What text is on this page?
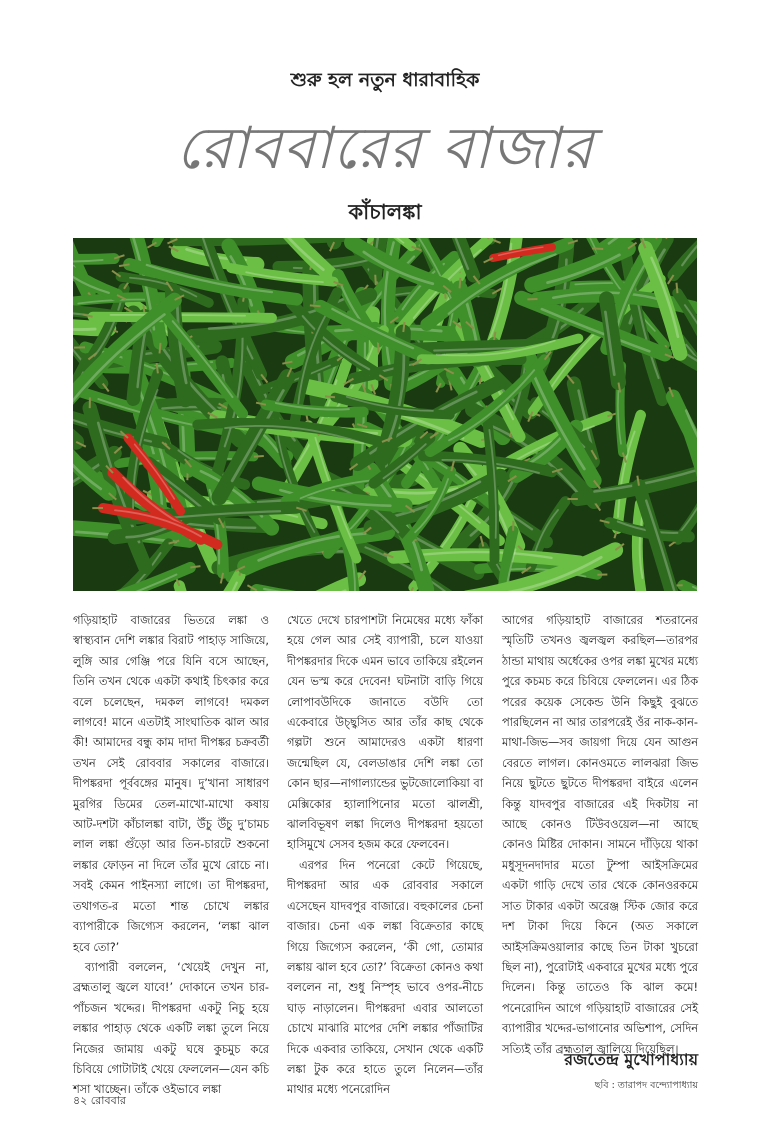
শুরু হল নতুন ধারাবাহিক
রোববারের বাজার
কাঁচালঙ্কা

গড়িয়াহাট বাজারের ভিতরে লঙ্কা ও স্বাস্থ্যবান দেশি লঙ্কার বিরাট পাহাড় সাজিয়ে, লুঙ্গি আর গেঞ্জি পরে যিনি বসে আছেন, তিনি তখন থেকে একটা কথাই চিৎকার করে বলে চলেছেন, দমকল লাগবে! দমকল লাগবে! মানে এতটাই সাংঘাতিক ঝাল আর কী! আমাদের বন্ধু কাম দাদা দীপঙ্কর চক্রবর্তী তখন সেই রোববার সকালের বাজারে। দীপঙ্করদা পূর্ববঙ্গের মানুষ। দু’খানা সাধারণ মুরগির ডিমের তেল-মাখো-মাখো কষায় আট-দশটা কাঁচালঙ্কা বাটা, উঁচু উঁচু দু’চামচ লাল লঙ্কা গুঁড়ো আর তিন-চারটে শুকনো লঙ্কার ফোড়ন না দিলে তাঁর মুখে রোচে না। সবই কেমন পাইনস্যা লাগে। তা দীপঙ্করদা, তথাগত-র মতো শান্ত চোখে লঙ্কার ব্যাপারীকে জিগ্যেস করলেন, ‘লঙ্কা ঝাল হবে তো?’

ব্যাপারী বললেন, ‘খেয়েই দেখুন না, ব্রহ্মতালু জ্বলে যাবে!’ দোকানে তখন চার-পাঁচজন খদ্দের। দীপঙ্করদা একটু নিচু হয়ে লঙ্কার পাহাড় থেকে একটি লঙ্কা তুলে নিয়ে নিজের জামায় একটু ঘষে কুচমুচ করে চিবিয়ে গোটাটাই খেয়ে ফেললেন—যেন কচি শসা খাচ্ছেন। তাঁকে ওইভাবে লঙ্কা

খেতে দেখে চারপাশটা নিমেষের মধ্যে ফাঁকা হয়ে গেল আর সেই ব্যাপারী, চলে যাওয়া দীপঙ্করদার দিকে এমন ভাবে তাকিয়ে রইলেন যেন ভস্ম করে দেবেন! ঘটনাটা বাড়ি গিয়ে লোপাবউদিকে জানাতে বউদি তো একেবারে উচ্ছ্বসিত আর তাঁর কাছ থেকে গল্পটা শুনে আমাদেরও একটা ধারণা জন্মেছিল যে, বেলডাঙার দেশি লঙ্কা তো কোন ছার—নাগাল্যান্ডের ভুটজোলোকিয়া বা মেক্সিকোর হ্যালাপিনোর মতো ঝালশ্রী, ঝালবিভূষণ লঙ্কা দিলেও দীপঙ্করদা হয়তো হাসিমুখে সেসব হজম করে ফেলবেন।

এরপর দিন পনেরো কেটে গিয়েছে, দীপঙ্করদা আর এক রোববার সকালে এসেছেন যাদবপুর বাজারে। বহুকালের চেনা বাজার। চেনা এক লঙ্কা বিক্রেতার কাছে গিয়ে জিগ্যেস করলেন, ‘কী গো, তোমার লঙ্কায় ঝাল হবে তো?’ বিক্রেতা কোনও কথা বললেন না, শুধু নিস্পৃহ ভাবে ওপর-নীচে ঘাড় নাড়ালেন। দীপঙ্করদা এবার আলতো চোখে মাঝারি মাপের দেশি লঙ্কার পাঁজাটির দিকে একবার তাকিয়ে, সেখান থেকে একটি লঙ্কা টুক করে হাতে তুলে নিলেন—তাঁর মাথার মধ্যে পনেরোদিন

আগের গড়িয়াহাট বাজারের শতরানের স্মৃতিটি তখনও জ্বলজ্বল করছিল—তারপর ঠান্ডা মাথায় অর্ধেকের ওপর লঙ্কা মুখের মধ্যে পুরে কচমচ করে চিবিয়ে ফেললেন। এর ঠিক পরের কয়েক সেকেন্ড উনি কিছুই বুঝতে পারছিলেন না আর তারপরেই ওঁর নাক-কান-মাথা-জিভ—সব জায়গা দিয়ে যেন আগুন বেরতে লাগল। কোনওমতে লালঝরা জিভ নিয়ে ছুটতে ছুটতে দীপঙ্করদা বাইরে এলেন কিন্তু যাদবপুর বাজারের এই দিকটায় না আছে কোনও টিউবওয়েল—না আছে কোনও মিষ্টির দোকান। সামনে দাঁড়িয়ে থাকা মধুসূদনদাদার মতো টুম্পা আইসক্রিমের একটা গাড়ি দেখে তার থেকে কোনওরকমে সাত টাকার একটা অরেঞ্জ স্টিক জোর করে দশ টাকা দিয়ে কিনে (অত সকালে আইসক্রিমওয়ালার কাছে তিন টাকা খুচরো ছিল না), পুরোটাই একবারে মুখের মধ্যে পুরে দিলেন। কিন্তু তাতেও কি ঝাল কমে! পনেরোদিন আগে গড়িয়াহাট বাজারের সেই ব্যাপারীর খদ্দের-ভাগানোর অভিশাপ, সেদিন সত্যিই তাঁর ব্রহ্মতালু জ্বালিয়ে দিয়েছিল।

রজতেন্দ্র মুখোপাধ্যায়
ছবি : তারাপদ বন্দ্যোপাধ্যায়
৪২ রোববার
